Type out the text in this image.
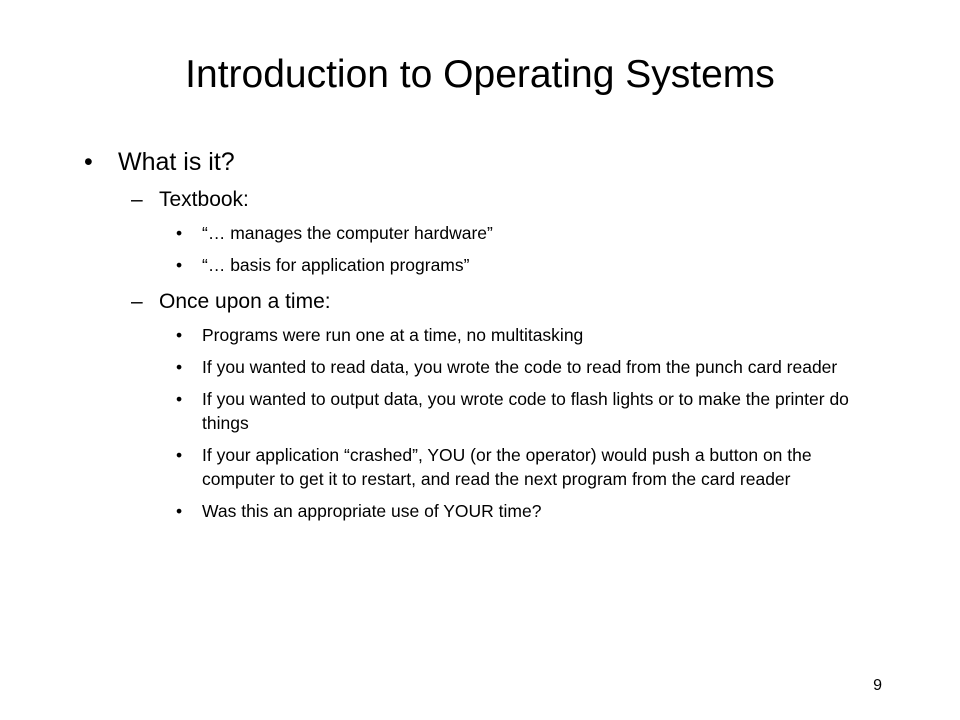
Introduction to Operating Systems
• What is it?
– Textbook:
• “… manages the computer hardware”
• “… basis for application programs”
– Once upon a time:
• Programs were run one at a time, no multitasking
• If you wanted to read data, you wrote the code to read from the punch card reader
• If you wanted to output data, you wrote code to flash lights or to make the printer do things
• If your application “crashed”, YOU (or the operator) would push a button on the computer to get it to restart, and read the next program from the card reader
• Was this an appropriate use of YOUR time?
9
